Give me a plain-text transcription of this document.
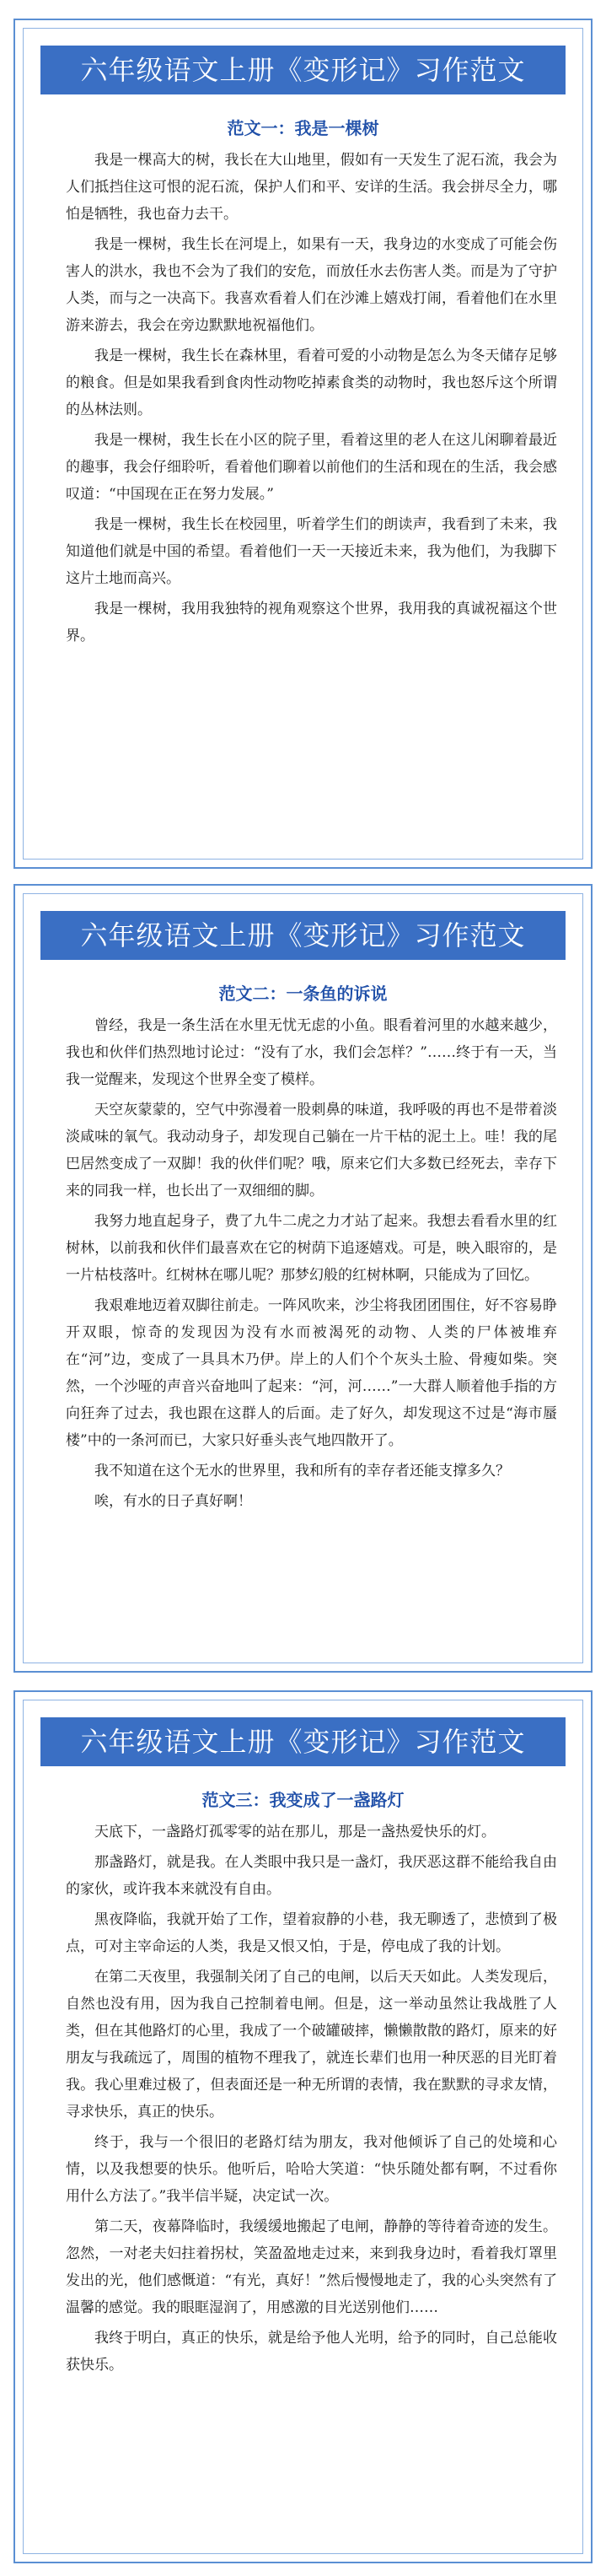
六年级语文上册《变形记》习作范文
范文一：我是一棵树

我是一棵高大的树，我长在大山地里，假如有一天发生了泥石流，我会为人们抵挡住这可恨的泥石流，保护人们和平、安详的生活。我会拼尽全力，哪怕是牺牲，我也奋力去干。

我是一棵树，我生长在河堤上，如果有一天，我身边的水变成了可能会伤害人的洪水，我也不会为了我们的安危，而放任水去伤害人类。而是为了守护人类，而与之一决高下。我喜欢看着人们在沙滩上嬉戏打闹，看着他们在水里游来游去，我会在旁边默默地祝福他们。

我是一棵树，我生长在森林里，看着可爱的小动物是怎么为冬天储存足够的粮食。但是如果我看到食肉性动物吃掉素食类的动物时，我也怒斥这个所谓的丛林法则。

我是一棵树，我生长在小区的院子里，看着这里的老人在这儿闲聊着最近的趣事，我会仔细聆听，看着他们聊着以前他们的生活和现在的生活，我会感叹道：“中国现在正在努力发展。”

我是一棵树，我生长在校园里，听着学生们的朗读声，我看到了未来，我知道他们就是中国的希望。看着他们一天一天接近未来，我为他们，为我脚下这片土地而高兴。

我是一棵树，我用我独特的视角观察这个世界，我用我的真诚祝福这个世界。

六年级语文上册《变形记》习作范文
范文二：一条鱼的诉说

曾经，我是一条生活在水里无忧无虑的小鱼。眼看着河里的水越来越少，我也和伙伴们热烈地讨论过：“没有了水，我们会怎样？”……终于有一天，当我一觉醒来，发现这个世界全变了模样。

天空灰蒙蒙的，空气中弥漫着一股刺鼻的味道，我呼吸的再也不是带着淡淡咸味的氧气。我动动身子，却发现自己躺在一片干枯的泥土上。哇！我的尾巴居然变成了一双脚！我的伙伴们呢？哦，原来它们大多数已经死去，幸存下来的同我一样，也长出了一双细细的脚。

我努力地直起身子，费了九牛二虎之力才站了起来。我想去看看水里的红树林，以前我和伙伴们最喜欢在它的树荫下追逐嬉戏。可是，映入眼帘的，是一片枯枝落叶。红树林在哪儿呢？那梦幻般的红树林啊，只能成为了回忆。

我艰难地迈着双脚往前走。一阵风吹来，沙尘将我团团围住，好不容易睁开双眼，惊奇的发现因为没有水而被渴死的动物、人类的尸体被堆弃在“河”边，变成了一具具木乃伊。岸上的人们个个灰头土脸、骨瘦如柴。突然，一个沙哑的声音兴奋地叫了起来：“河，河……”一大群人顺着他手指的方向狂奔了过去，我也跟在这群人的后面。走了好久，却发现这不过是“海市蜃楼”中的一条河而已，大家只好垂头丧气地四散开了。

我不知道在这个无水的世界里，我和所有的幸存者还能支撑多久？

唉，有水的日子真好啊！

六年级语文上册《变形记》习作范文
范文三：我变成了一盏路灯

天底下，一盏路灯孤零零的站在那儿，那是一盏热爱快乐的灯。

那盏路灯，就是我。在人类眼中我只是一盏灯，我厌恶这群不能给我自由的家伙，或许我本来就没有自由。

黑夜降临，我就开始了工作，望着寂静的小巷，我无聊透了，悲愤到了极点，可对主宰命运的人类，我是又恨又怕，于是，停电成了我的计划。

在第二天夜里，我强制关闭了自己的电闸，以后天天如此。人类发现后，自然也没有用，因为我自己控制着电闸。但是，这一举动虽然让我战胜了人类，但在其他路灯的心里，我成了一个破罐破摔，懒懒散散的路灯，原来的好朋友与我疏远了，周围的植物不理我了，就连长辈们也用一种厌恶的目光盯着我。我心里难过极了，但表面还是一种无所谓的表情，我在默默的寻求友情，寻求快乐，真正的快乐。

终于，我与一个很旧的老路灯结为朋友，我对他倾诉了自己的处境和心情，以及我想要的快乐。他听后，哈哈大笑道：“快乐随处都有啊，不过看你用什么方法了。”我半信半疑，决定试一次。

第二天，夜幕降临时，我缓缓地搬起了电闸，静静的等待着奇迹的发生。忽然，一对老夫妇拄着拐杖，笑盈盈地走过来，来到我身边时，看着我灯罩里发出的光，他们感慨道：“有光，真好！”然后慢慢地走了，我的心头突然有了温馨的感觉。我的眼眶湿润了，用感激的目光送别他们……

我终于明白，真正的快乐，就是给予他人光明，给予的同时，自己总能收获快乐。
